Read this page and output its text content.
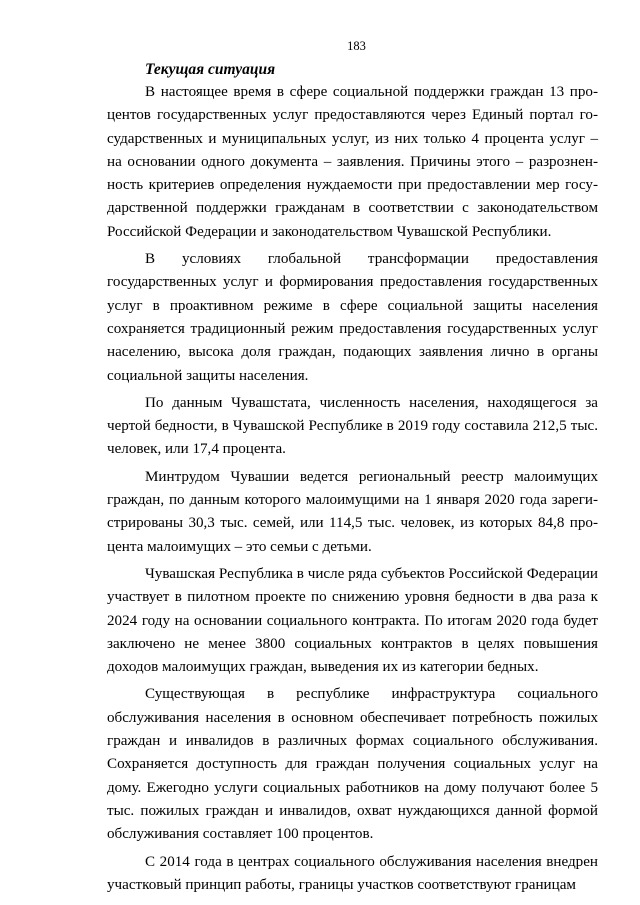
183
Текущая ситуация

В настоящее время в сфере социальной поддержки граждан 13 процентов государственных услуг предоставляются через Единый портал государственных и муниципальных услуг, из них только 4 процента услуг – на основании одного документа – заявления. Причины этого – разрозненность критериев определения нуждаемости при предоставлении мер государственной поддержки гражданам в соответствии с законодательством Российской Федерации и законодательством Чувашской Республики.

В условиях глобальной трансформации предоставления государственных услуг и формирования предоставления государственных услуг в проактивном режиме в сфере социальной защиты населения сохраняется традиционный режим предоставления государственных услуг населению, высока доля граждан, подающих заявления лично в органы социальной защиты населения.

По данным Чувашстата, численность населения, находящегося за чертой бедности, в Чувашской Республике в 2019 году составила 212,5 тыс. человек, или 17,4 процента.

Минтрудом Чувашии ведется региональный реестр малоимущих граждан, по данным которого малоимущими на 1 января 2020 года зарегистрированы 30,3 тыс. семей, или 114,5 тыс. человек, из которых 84,8 процента малоимущих – это семьи с детьми.

Чувашская Республика в числе ряда субъектов Российской Федерации участвует в пилотном проекте по снижению уровня бедности в два раза к 2024 году на основании социального контракта. По итогам 2020 года будет заключено не менее 3800 социальных контрактов в целях повышения доходов малоимущих граждан, выведения их из категории бедных.

Существующая в республике инфраструктура социального обслуживания населения в основном обеспечивает потребность пожилых граждан и инвалидов в различных формах социального обслуживания. Сохраняется доступность для граждан получения социальных услуг на дому. Ежегодно услуги социальных работников на дому получают более 5 тыс. пожилых граждан и инвалидов, охват нуждающихся данной формой обслуживания составляет 100 процентов.

С 2014 года в центрах социального обслуживания населения внедрен участковый принцип работы, границы участков соответствуют границам
